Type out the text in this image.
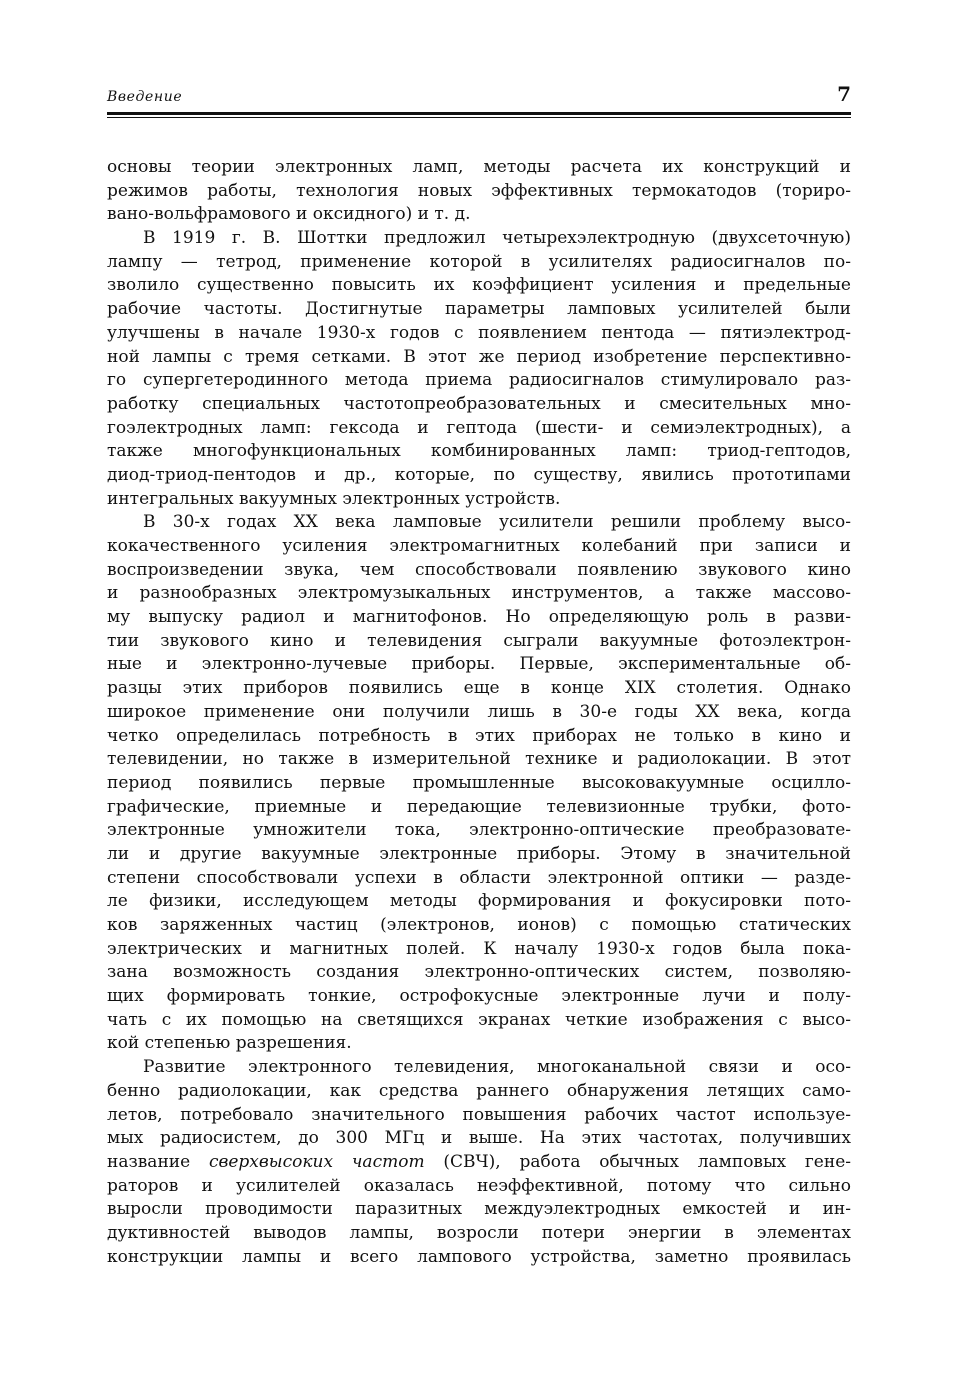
Введение	7
основы теории электронных ламп, методы расчета их конструкций и
режимов работы, технология новых эффективных термокатодов (ториро-
вано-вольфрамового и оксидного) и т. д.
В 1919 г. В. Шоттки предложил четырехэлектродную (двухсеточную)
лампу — тетрод, применение которой в усилителях радиосигналов по-
зволило существенно повысить их коэффициент усиления и предельные
рабочие частоты. Достигнутые параметры ламповых усилителей были
улучшены в начале 1930-х годов с появлением пентода — пятиэлектрод-
ной лампы с тремя сетками. В этот же период изобретение перспективно-
го супергетеродинного метода приема радиосигналов стимулировало раз-
работку специальных частотопреобразовательных и смесительных мно-
гоэлектродных ламп: гексода и гептода (шести- и семиэлектродных), а
также многофункциональных комбинированных ламп: триод-гептодов,
диод-триод-пентодов и др., которые, по существу, явились прототипами
интегральных вакуумных электронных устройств.
В 30-х годах XX века ламповые усилители решили проблему высо-
кокачественного усиления электромагнитных колебаний при записи и
воспроизведении звука, чем способствовали появлению звукового кино
и разнообразных электромузыкальных инструментов, а также массово-
му выпуску радиол и магнитофонов. Но определяющую роль в разви-
тии звукового кино и телевидения сыграли вакуумные фотоэлектрон-
ные и электронно-лучевые приборы. Первые, экспериментальные об-
разцы этих приборов появились еще в конце XIX столетия. Однако
широкое применение они получили лишь в 30-е годы XX века, когда
четко определилась потребность в этих приборах не только в кино и
телевидении, но также в измерительной технике и радиолокации. В этот
период появились первые промышленные высоковакуумные осцилло-
графические, приемные и передающие телевизионные трубки, фото-
электронные умножители тока, электронно-оптические преобразовате-
ли и другие вакуумные электронные приборы. Этому в значительной
степени способствовали успехи в области электронной оптики — разде-
ле физики, исследующем методы формирования и фокусировки пото-
ков заряженных частиц (электронов, ионов) с помощью статических
электрических и магнитных полей. К началу 1930-х годов была пока-
зана возможность создания электронно-оптических систем, позволяю-
щих формировать тонкие, острофокусные электронные лучи и полу-
чать с их помощью на светящихся экранах четкие изображения с высо-
кой степенью разрешения.
Развитие электронного телевидения, многоканальной связи и осо-
бенно радиолокации, как средства раннего обнаружения летящих само-
летов, потребовало значительного повышения рабочих частот используе-
мых радиосистем, до 300 МГц и выше. На этих частотах, получивших
название сверхвысоких частот (СВЧ), работа обычных ламповых гене-
раторов и усилителей оказалась неэффективной, потому что сильно
выросли проводимости паразитных междуэлектродных емкостей и ин-
дуктивностей выводов лампы, возросли потери энергии в элементах
конструкции лампы и всего лампового устройства, заметно проявилась
